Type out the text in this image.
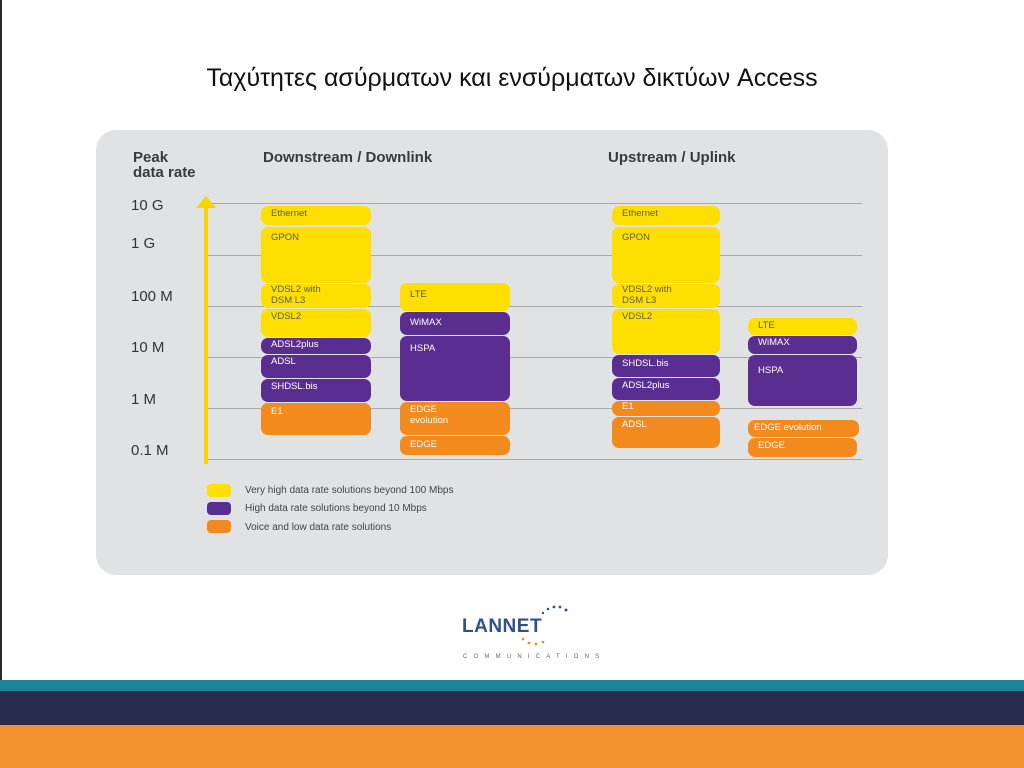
Ταχύτητες ασύρματων και ενσύρματων δικτύων Access
Peak
data rate
Downstream / Downlink	Upstream / Uplink
10 G
1 G
100 M
10 M
1 M
0.1 M
Ethernet
GPON
VDSL2 with
DSM L3
VDSL2
ADSL2plus
ADSL
SHDSL.bis
E1
LTE
WiMAX
HSPA
EDGE
evolution
EDGE
Ethernet
GPON
VDSL2 with
DSM L3
VDSL2
SHDSL.bis
ADSL2plus
E1
ADSL
LTE
WiMAX
HSPA
EDGE evolution
EDGE
Very high data rate solutions beyond 100 Mbps
High data rate solutions beyond 10 Mbps
Voice and low data rate solutions
LANNET
COMMUNICATIONS
